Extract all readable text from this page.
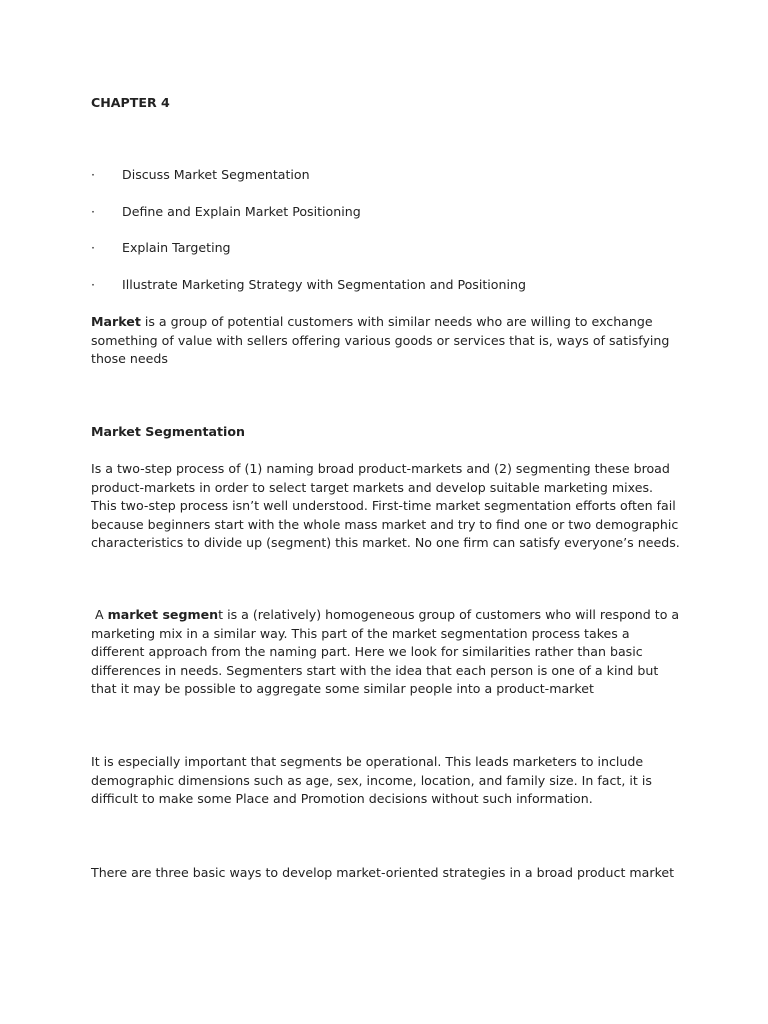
CHAPTER 4

· Discuss Market Segmentation
· Define and Explain Market Positioning
· Explain Targeting
· Illustrate Marketing Strategy with Segmentation and Positioning

Market is a group of potential customers with similar needs who are willing to exchange something of value with sellers offering various goods or services that is, ways of satisfying those needs

Market Segmentation

Is a two-step process of (1) naming broad product-markets and (2) segmenting these broad product-markets in order to select target markets and develop suitable marketing mixes. This two-step process isn’t well understood. First-time market segmentation efforts often fail because beginners start with the whole mass market and try to find one or two demographic characteristics to divide up (segment) this market. No one firm can satisfy everyone’s needs.

A market segment is a (relatively) homogeneous group of customers who will respond to a marketing mix in a similar way. This part of the market segmentation process takes a different approach from the naming part. Here we look for similarities rather than basic differences in needs. Segmenters start with the idea that each person is one of a kind but that it may be possible to aggregate some similar people into a product-market

It is especially important that segments be operational. This leads marketers to include demographic dimensions such as age, sex, income, location, and family size. In fact, it is difficult to make some Place and Promotion decisions without such information.

There are three basic ways to develop market-oriented strategies in a broad product market
